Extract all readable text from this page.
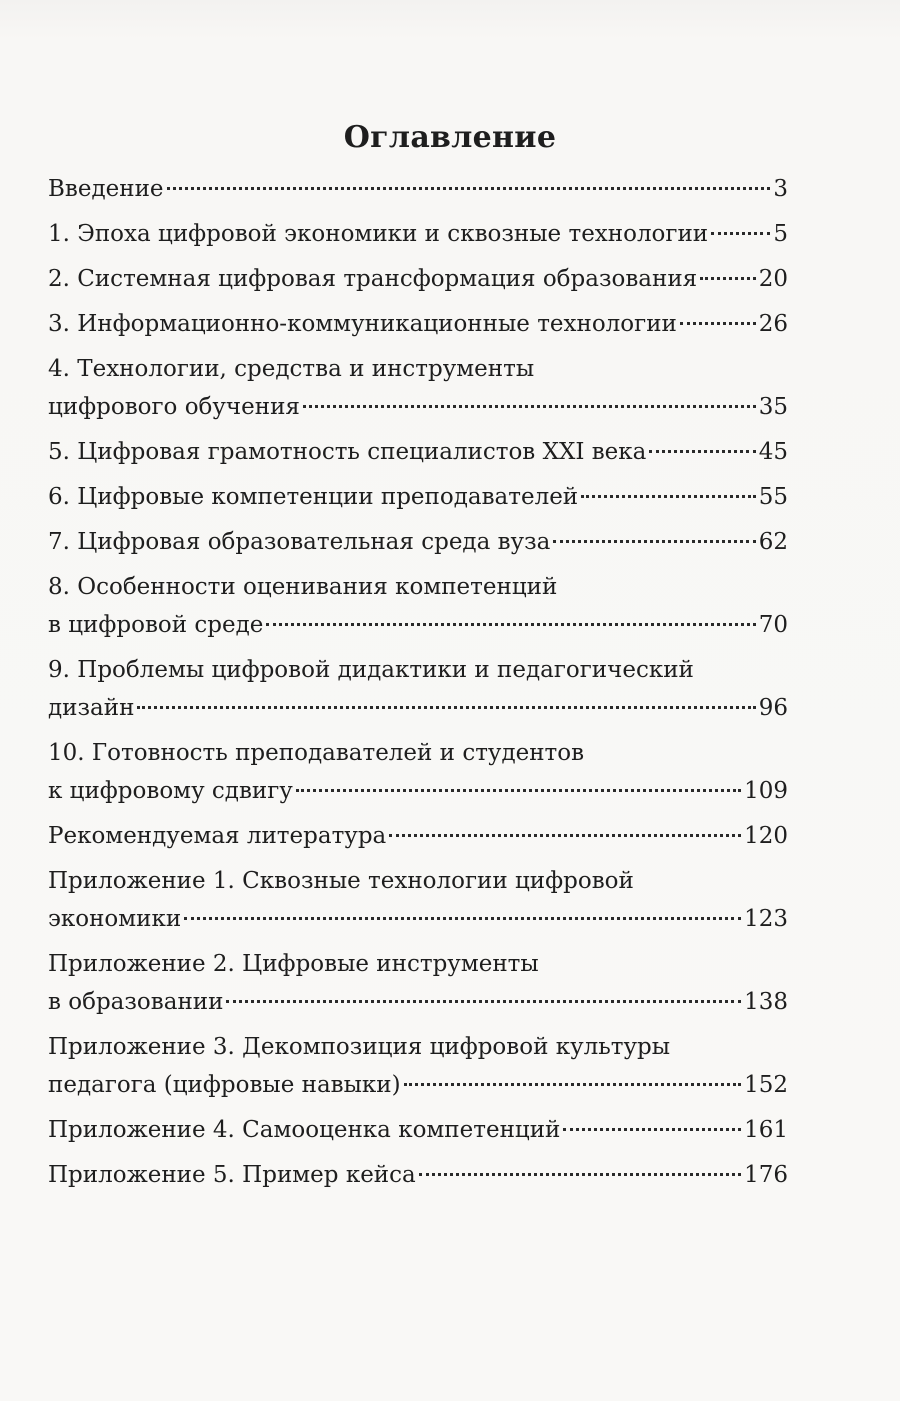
Оглавление
Введение	3
1. Эпоха цифровой экономики и сквозные технологии	5
2. Системная цифровая трансформация образования	20
3. Информационно-коммуникационные технологии	26
4. Технологии, средства и инструменты
цифрового обучения	35
5. Цифровая грамотность специалистов XXI века	45
6. Цифровые компетенции преподавателей	55
7. Цифровая образовательная среда вуза	62
8. Особенности оценивания компетенций
в цифровой среде	70
9. Проблемы цифровой дидактики и педагогический
дизайн	96
10. Готовность преподавателей и студентов
к цифровому сдвигу	109
Рекомендуемая литература	120
Приложение 1. Сквозные технологии цифровой
экономики	123
Приложение 2. Цифровые инструменты
в образовании	138
Приложение 3. Декомпозиция цифровой культуры
педагога (цифровые навыки)	152
Приложение 4. Самооценка компетенций	161
Приложение 5. Пример кейса	176
